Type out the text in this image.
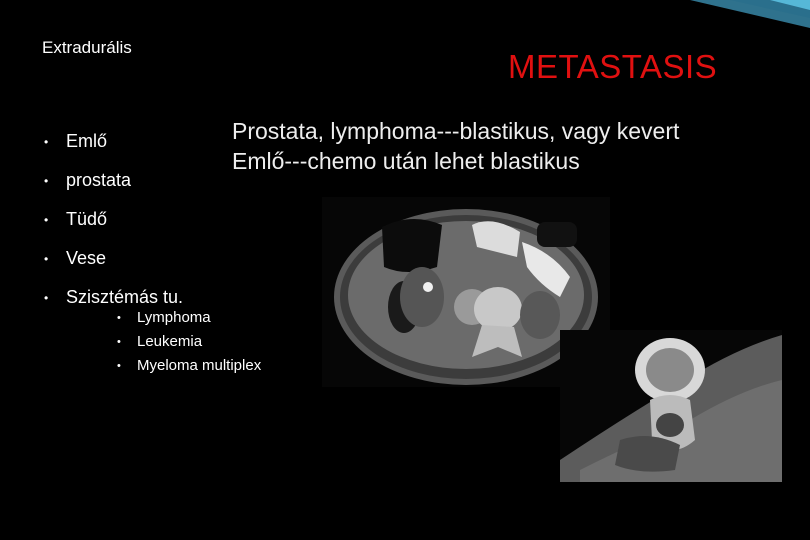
Extradurális
METASTASIS
Prostata, lymphoma---blastikus, vagy kevert
Emlő---chemo után lehet blastikus
• Emlő
• prostata
• Tüdő
• Vese
• Szisztémás tu.
•	Lymphoma
•	Leukemia
•	Myeloma multiplex
